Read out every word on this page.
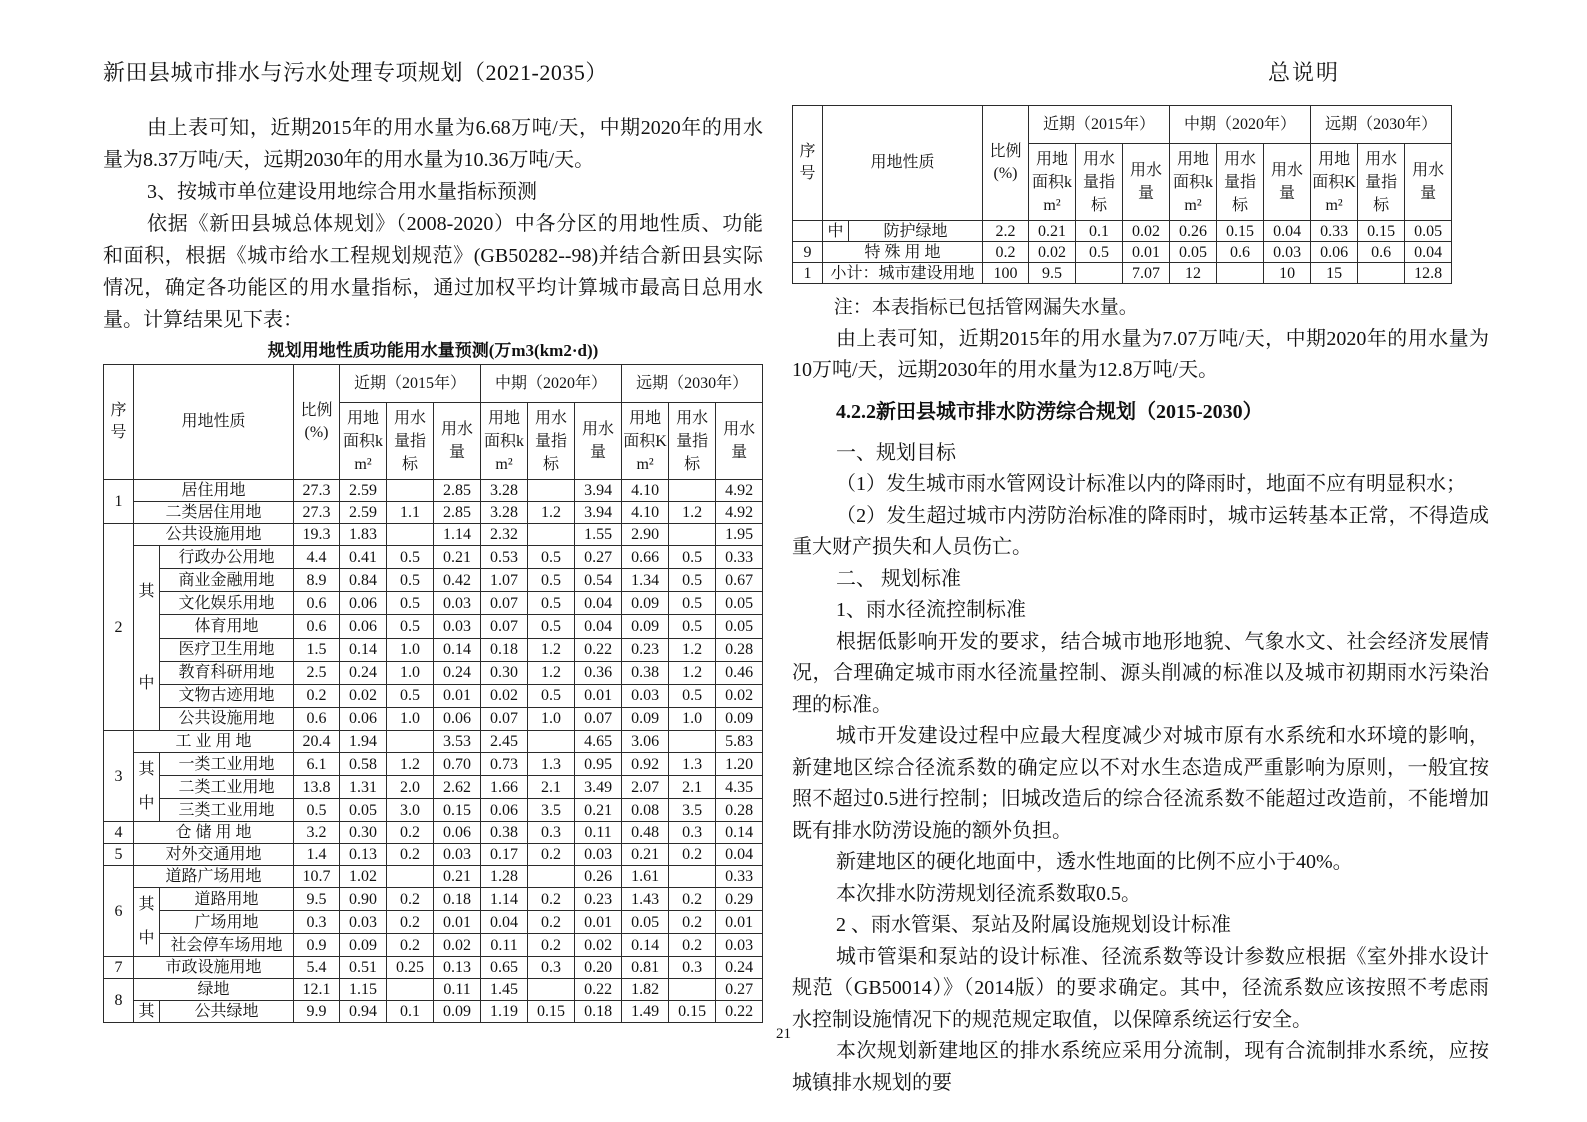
新田县城市排水与污水处理专项规划（2021-2035）	总说明

由上表可知，近期2015年的用水量为6.68万吨/天，中期2020年的用水量为8.37万吨/天，远期2030年的用水量为10.36万吨/天。

3、按城市单位建设用地综合用水量指标预测

依据《新田县城总体规划》（2008-2020）中各分区的用地性质、功能和面积，根据《城市给水工程规划规范》(GB50282--98)并结合新田县实际情况，确定各功能区的用水量指标，通过加权平均计算城市最高日总用水量。计算结果见下表：

规划用地性质功能用水量预测(万m3(km2·d))
序号	用地性质		比例(%)	近期（2015年）			中期（2020年）			远期（2030年）		
				用地面积km²	用水量指标	用水量	用地面积km²	用水量指标	用水量	用地面积Km²	用水量指标	用水量
1	居住用地		27.3	2.59		2.85	3.28		3.94	4.10		4.92
	二类居住用地		27.3	2.59	1.1	2.85	3.28	1.2	3.94	4.10	1.2	4.92
2	公共设施用地		19.3	1.83		1.14	2.32		1.55	2.90		1.95
	其中	行政办公用地	4.4	0.41	0.5	0.21	0.53	0.5	0.27	0.66	0.5	0.33
		商业金融用地	8.9	0.84	0.5	0.42	1.07	0.5	0.54	1.34	0.5	0.67
		文化娱乐用地	0.6	0.06	0.5	0.03	0.07	0.5	0.04	0.09	0.5	0.05
		体育用地	0.6	0.06	0.5	0.03	0.07	0.5	0.04	0.09	0.5	0.05
		医疗卫生用地	1.5	0.14	1.0	0.14	0.18	1.2	0.22	0.23	1.2	0.28
		教育科研用地	2.5	0.24	1.0	0.24	0.30	1.2	0.36	0.38	1.2	0.46
		文物古迹用地	0.2	0.02	0.5	0.01	0.02	0.5	0.01	0.03	0.5	0.02
		公共设施用地	0.6	0.06	1.0	0.06	0.07	1.0	0.07	0.09	1.0	0.09
3	工 业 用 地		20.4	1.94		3.53	2.45		4.65	3.06		5.83
	其中	一类工业用地	6.1	0.58	1.2	0.70	0.73	1.3	0.95	0.92	1.3	1.20
		二类工业用地	13.8	1.31	2.0	2.62	1.66	2.1	3.49	2.07	2.1	4.35
		三类工业用地	0.5	0.05	3.0	0.15	0.06	3.5	0.21	0.08	3.5	0.28
4	仓 储 用 地		3.2	0.30	0.2	0.06	0.38	0.3	0.11	0.48	0.3	0.14
5	对外交通用地		1.4	0.13	0.2	0.03	0.17	0.2	0.03	0.21	0.2	0.04
6	道路广场用地		10.7	1.02		0.21	1.28		0.26	1.61		0.33
	其中	道路用地	9.5	0.90	0.2	0.18	1.14	0.2	0.23	1.43	0.2	0.29
		广场用地	0.3	0.03	0.2	0.01	0.04	0.2	0.01	0.05	0.2	0.01
		社会停车场用地	0.9	0.09	0.2	0.02	0.11	0.2	0.02	0.14	0.2	0.03
7	市政设施用地		5.4	0.51	0.25	0.13	0.65	0.3	0.20	0.81	0.3	0.24
8	绿地		12.1	1.15		0.11	1.45		0.22	1.82		0.27
	其	公共绿地	9.9	0.94	0.1	0.09	1.19	0.15	0.18	1.49	0.15	0.22
序号	用地性质		比例(%)	近期（2015年）			中期（2020年）			远期（2030年）		
				用地面积km²	用水量指标	用水量	用地面积km²	用水量指标	用水量	用地面积Km²	用水量指标	用水量
	中	防护绿地	2.2	0.21	0.1	0.02	0.26	0.15	0.04	0.33	0.15	0.05
9	特 殊 用 地		0.2	0.02	0.5	0.01	0.05	0.6	0.03	0.06	0.6	0.04
1	小计：城市建设用地		100	9.5		7.07	12		10	15		12.8

注：本表指标已包括管网漏失水量。

由上表可知，近期2015年的用水量为7.07万吨/天，中期2020年的用水量为10万吨/天，远期2030年的用水量为12.8万吨/天。

4.2.2新田县城市排水防涝综合规划（2015-2030）

一、规划目标

（1）发生城市雨水管网设计标准以内的降雨时，地面不应有明显积水；

（2）发生超过城市内涝防治标准的降雨时，城市运转基本正常，不得造成重大财产损失和人员伤亡。

二、 规划标准

1、雨水径流控制标准

根据低影响开发的要求，结合城市地形地貌、气象水文、社会经济发展情况，合理确定城市雨水径流量控制、源头削减的标准以及城市初期雨水污染治理的标准。

城市开发建设过程中应最大程度减少对城市原有水系统和水环境的影响，新建地区综合径流系数的确定应以不对水生态造成严重影响为原则，一般宜按照不超过0.5进行控制；旧城改造后的综合径流系数不能超过改造前，不能增加既有排水防涝设施的额外负担。

新建地区的硬化地面中，透水性地面的比例不应小于40%。

本次排水防涝规划径流系数取0.5。

2 、雨水管渠、泵站及附属设施规划设计标准

城市管渠和泵站的设计标准、径流系数等设计参数应根据《室外排水设计规范（GB50014）》（2014版）的要求确定。其中，径流系数应该按照不考虑雨水控制设施情况下的规范规定取值，以保障系统运行安全。

本次规划新建地区的排水系统应采用分流制，现有合流制排水系统，应按城镇排水规划的要

21
